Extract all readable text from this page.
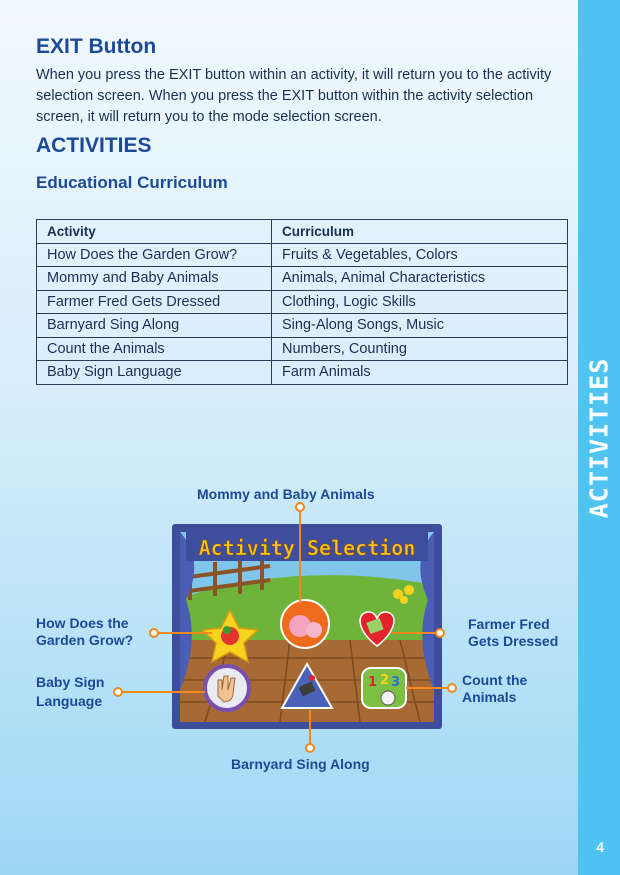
EXIT Button

When you press the EXIT button within an activity, it will return you to the activity selection screen. When you press the EXIT button within the activity selection screen, it will return you to the mode selection screen.

ACTIVITIES
Educational Curriculum
Activity	Curriculum
How Does the Garden Grow?	Fruits & Vegetables, Colors
Mommy and Baby Animals	Animals, Animal Characteristics
Farmer Fred Gets Dressed	Clothing, Logic Skills
Barnyard Sing Along	Sing-Along Songs, Music
Count the Animals	Numbers, Counting
Baby Sign Language	Farm Animals
Activity Selection
1 2 3

Mommy and Baby Animals

How Does the
Garden Grow?
Farmer Fred
Gets Dressed
Baby Sign
Language
Count the
Animals

Barnyard Sing Along

ACTIVITIES
4
